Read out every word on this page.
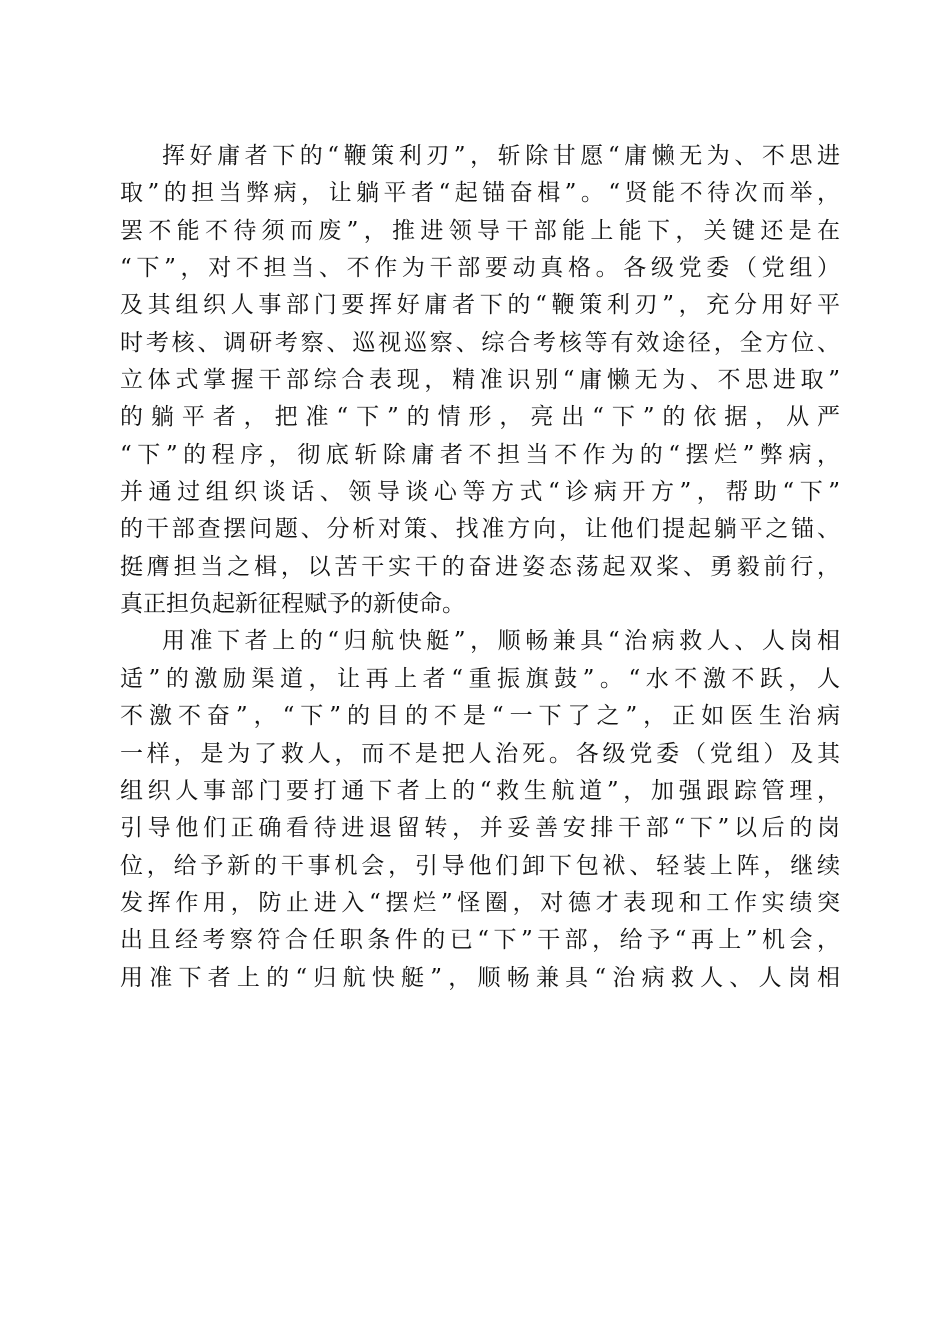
挥好庸者下的“鞭策利刃”，斩除甘愿“庸懒无为、不思进
取”的担当弊病，让躺平者“起锚奋楫”。“贤能不待次而举，
罢不能不待须而废”，推进领导干部能上能下，关键还是在
“下”，对不担当、不作为干部要动真格。各级党委（党组）
及其组织人事部门要挥好庸者下的“鞭策利刃”，充分用好平
时考核、调研考察、巡视巡察、综合考核等有效途径，全方位、
立体式掌握干部综合表现，精准识别“庸懒无为、不思进取”
的躺平者，把准“下”的情形，亮出“下”的依据，从严
“下”的程序，彻底斩除庸者不担当不作为的“摆烂”弊病，
并通过组织谈话、领导谈心等方式“诊病开方”，帮助“下”
的干部查摆问题、分析对策、找准方向，让他们提起躺平之锚、
挺膺担当之楫，以苦干实干的奋进姿态荡起双桨、勇毅前行，
真正担负起新征程赋予的新使命。
用准下者上的“归航快艇”，顺畅兼具“治病救人、人岗相
适”的激励渠道，让再上者“重振旗鼓”。“水不激不跃，人
不激不奋”，“下”的目的不是“一下了之”，正如医生治病
一样，是为了救人，而不是把人治死。各级党委（党组）及其
组织人事部门要打通下者上的“救生航道”，加强跟踪管理，
引导他们正确看待进退留转，并妥善安排干部“下”以后的岗
位，给予新的干事机会，引导他们卸下包袱、轻装上阵，继续
发挥作用，防止进入“摆烂”怪圈，对德才表现和工作实绩突
出且经考察符合任职条件的已“下”干部，给予“再上”机会，
用准下者上的“归航快艇”，顺畅兼具“治病救人、人岗相
